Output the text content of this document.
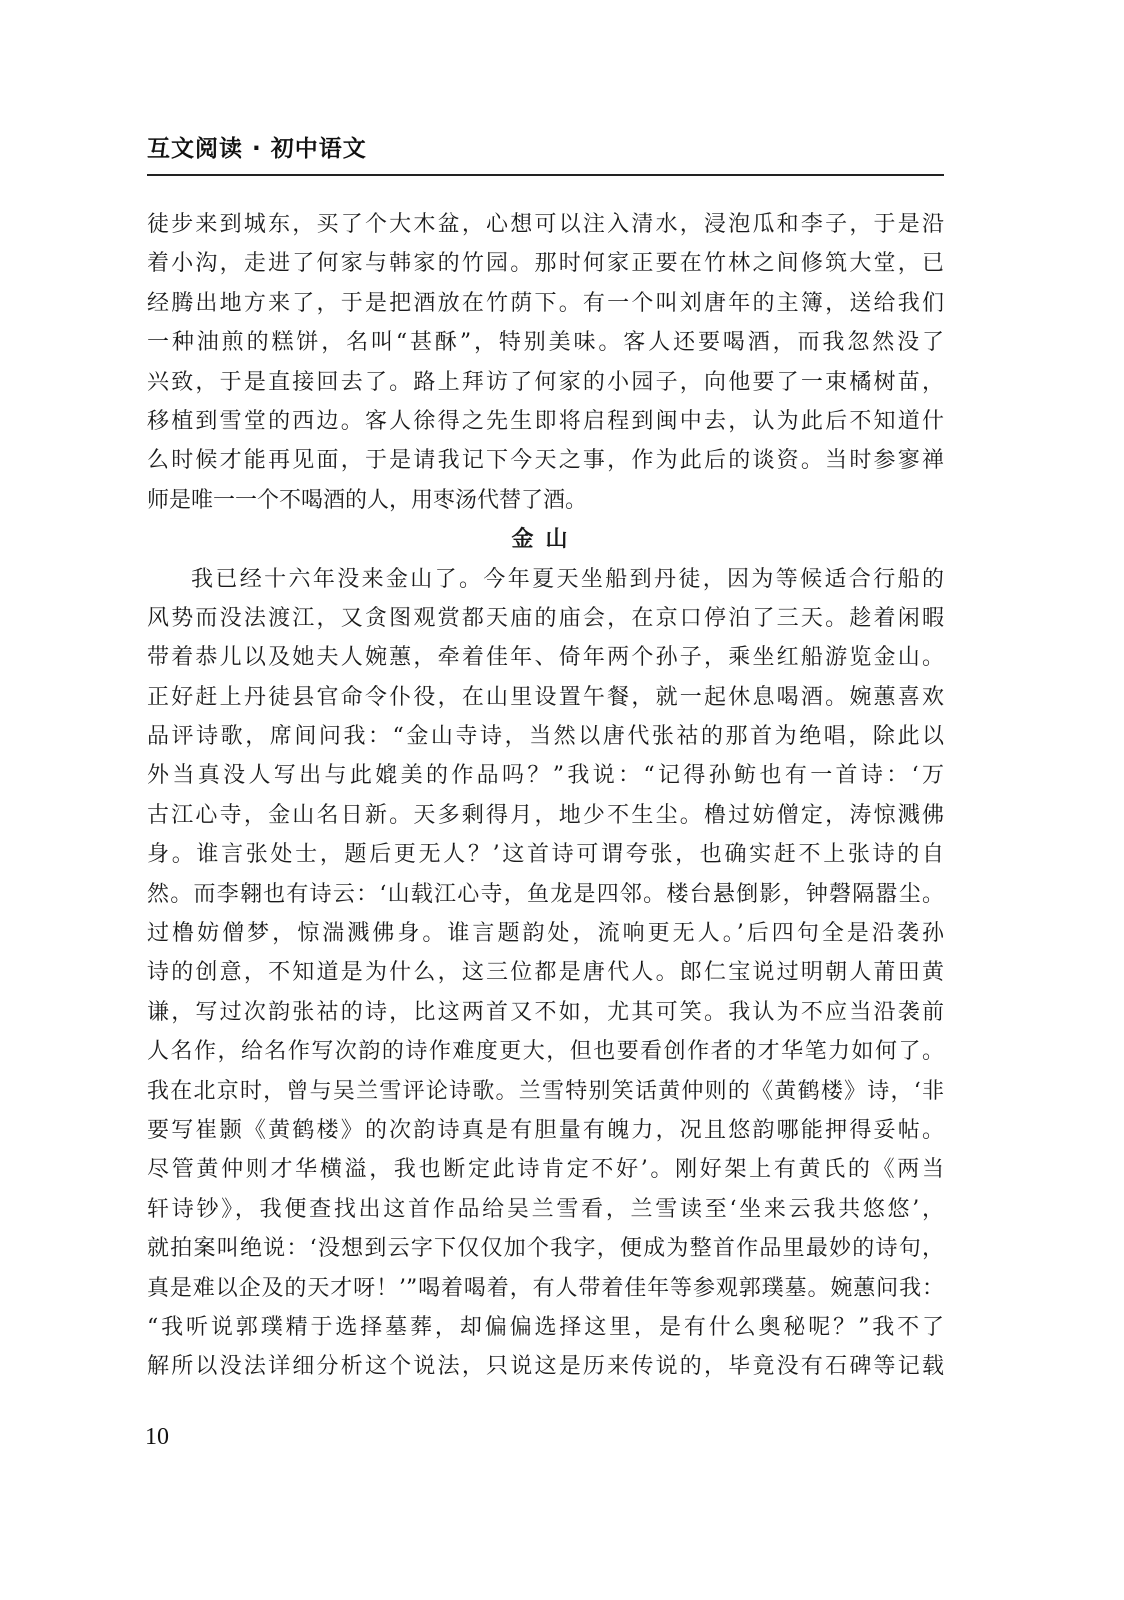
互文阅读 · 初中语文
徒步来到城东，买了个大木盆，心想可以注入清水，浸泡瓜和李子，于是沿
着小沟，走进了何家与韩家的竹园。那时何家正要在竹林之间修筑大堂，已
经腾出地方来了，于是把酒放在竹荫下。有一个叫刘唐年的主簿，送给我们
一种油煎的糕饼，名叫“甚酥”，特别美味。客人还要喝酒，而我忽然没了
兴致，于是直接回去了。路上拜访了何家的小园子，向他要了一束橘树苗，
移植到雪堂的西边。客人徐得之先生即将启程到闽中去，认为此后不知道什
么时候才能再见面，于是请我记下今天之事，作为此后的谈资。当时参寥禅
师是唯一一个不喝酒的人，用枣汤代替了酒。
金山
我已经十六年没来金山了。今年夏天坐船到丹徒，因为等候适合行船的
风势而没法渡江，又贪图观赏都天庙的庙会，在京口停泊了三天。趁着闲暇
带着恭儿以及她夫人婉蕙，牵着佳年、倚年两个孙子，乘坐红船游览金山。
正好赶上丹徒县官命令仆役，在山里设置午餐，就一起休息喝酒。婉蕙喜欢
品评诗歌，席间问我：“金山寺诗，当然以唐代张祜的那首为绝唱，除此以
外当真没人写出与此媲美的作品吗？”我说：“记得孙鲂也有一首诗：‘万
古江心寺，金山名日新。天多剩得月，地少不生尘。橹过妨僧定，涛惊溅佛
身。谁言张处士，题后更无人？’这首诗可谓夸张，也确实赶不上张诗的自
然。而李翱也有诗云：‘山载江心寺，鱼龙是四邻。楼台悬倒影，钟磬隔嚣尘。
过橹妨僧梦，惊湍溅佛身。谁言题韵处，流响更无人。’后四句全是沿袭孙
诗的创意，不知道是为什么，这三位都是唐代人。郎仁宝说过明朝人莆田黄
谦，写过次韵张祜的诗，比这两首又不如，尤其可笑。我认为不应当沿袭前
人名作，给名作写次韵的诗作难度更大，但也要看创作者的才华笔力如何了。
我在北京时，曾与吴兰雪评论诗歌。兰雪特别笑话黄仲则的《黄鹤楼》诗，‘非
要写崔颢《黄鹤楼》的次韵诗真是有胆量有魄力，况且悠韵哪能押得妥帖。
尽管黄仲则才华横溢，我也断定此诗肯定不好’。刚好架上有黄氏的《两当
轩诗钞》，我便查找出这首作品给吴兰雪看，兰雪读至‘坐来云我共悠悠’，
就拍案叫绝说：‘没想到云字下仅仅加个我字，便成为整首作品里最妙的诗句，
真是难以企及的天才呀！’”喝着喝着，有人带着佳年等参观郭璞墓。婉蕙问我：
“我听说郭璞精于选择墓葬，却偏偏选择这里，是有什么奥秘呢？”我不了
解所以没法详细分析这个说法，只说这是历来传说的，毕竟没有石碑等记载
10
